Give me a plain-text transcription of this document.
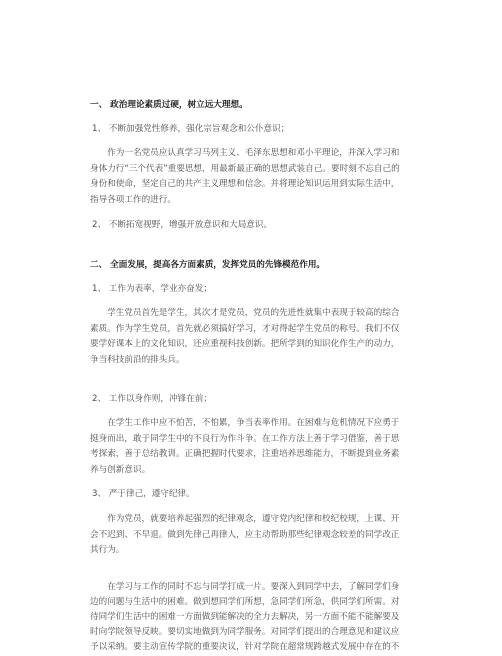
一、 政治理论素质过硬，树立远大理想。
1、 不断加强党性修养，强化宗旨观念和公仆意识；
作为一名党员应认真学习马列主义、毛泽东思想和邓小平理论，并深入学习和
身体力行“三个代表”重要思想，用最新最正确的思想武装自己。要时刻不忘自己的
身份和使命，坚定自己的共产主义理想和信念。并将理论知识运用到实际生活中，
指导各项工作的进行。
2、 不断拓宽视野，增强开放意识和大局意识。
二、 全面发展，提高各方面素质，发挥党员的先锋模范作用。
1、 工作为表率，学业亦奋发；
学生党员首先是学生，其次才是党员，党员的先进性就集中表现于较高的综合
素质。作为学生党员，首先就必须搞好学习，才对得起学生党员的称号。我们不仅
要学好课本上的文化知识，还应重视科技创新。把所学到的知识化作生产的动力，
争当科技前沿的排头兵。
2、 工作以身作则，冲锋在前；
在学生工作中应不怕苦，不怕累，争当表率作用。在困难与危机情况下应勇于
挺身而出，敢于同学生中的不良行为作斗争。在工作方法上善于学习借鉴，善于思
考探索，善于总结教训。正确把握时代要求，注重培养思维能力，不断提到业务素
养与创新意识。
3、 严于律己，遵守纪律。
作为党员，就要培养起强烈的纪律观念，遵守党内纪律和校纪校规，上课、开
会不迟到、不早退。做到先律己再律人，应主动帮助那些纪律观念较差的同学改正
其行为。
在学习与工作的同时不忘与同学打成一片。要深入到同学中去，了解同学们身
边的问题与生活中的困难。做到想同学们所想，急同学们所急，供同学们所需。对
待同学们生活中的困难一方面做到能解决的全力去解决，另一方面不能不能解要及
时向学院领导反映。要切实地做到为同学服务。对同学们提出的合理意见和建议应
予以采纳。要主动宣传学院的重要决议，针对学院在超常规跨越式发展中存在的不
